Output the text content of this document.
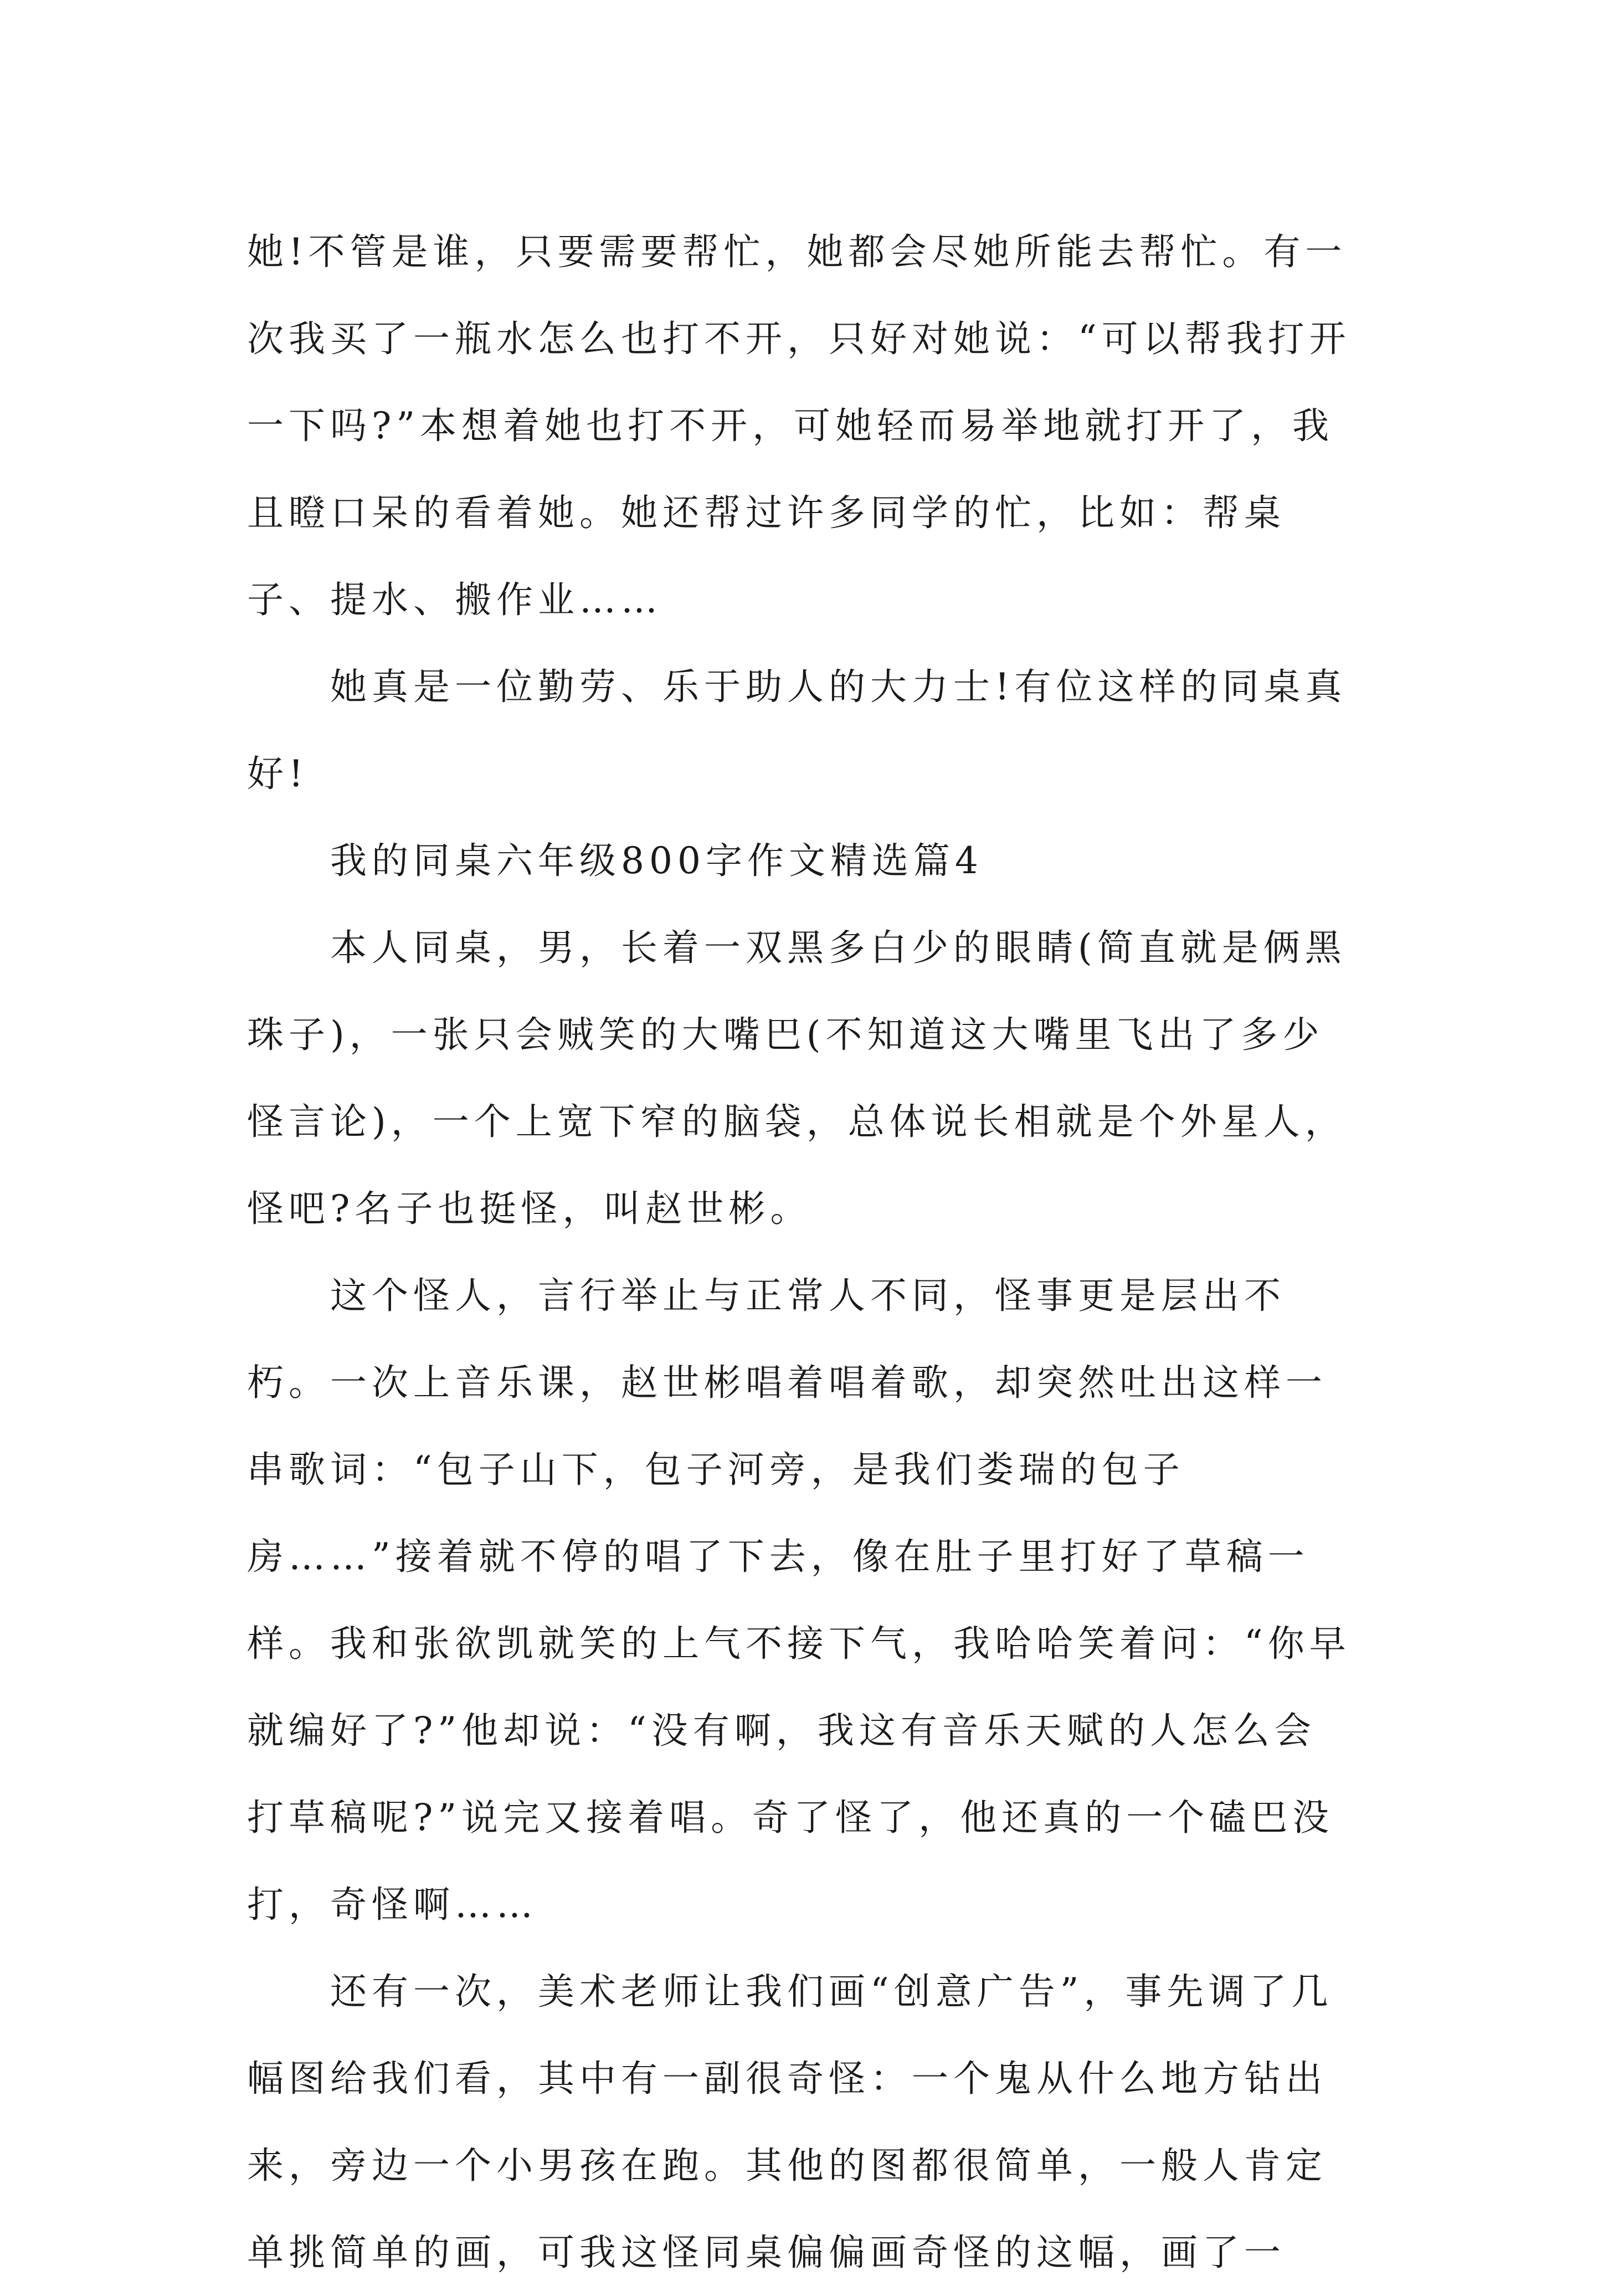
她!不管是谁，只要需要帮忙，她都会尽她所能去帮忙。有一次我买了一瓶水怎么也打不开，只好对她说：“可以帮我打开一下吗?”本想着她也打不开，可她轻而易举地就打开了，我且瞪口呆的看着她。她还帮过许多同学的忙，比如：帮桌子、提水、搬作业……

她真是一位勤劳、乐于助人的大力士!有位这样的同桌真好!

我的同桌六年级800字作文精选篇4

本人同桌，男，长着一双黑多白少的眼睛(简直就是俩黑珠子)，一张只会贼笑的大嘴巴(不知道这大嘴里飞出了多少怪言论)，一个上宽下窄的脑袋，总体说长相就是个外星人，怪吧?名子也挺怪，叫赵世彬。

这个怪人，言行举止与正常人不同，怪事更是层出不朽。一次上音乐课，赵世彬唱着唱着歌，却突然吐出这样一串歌词：“包子山下，包子河旁，是我们娄瑞的包子房……”接着就不停的唱了下去，像在肚子里打好了草稿一样。我和张欲凯就笑的上气不接下气，我哈哈笑着问：“你早就编好了?”他却说：“没有啊，我这有音乐天赋的人怎么会打草稿呢?”说完又接着唱。奇了怪了，他还真的一个磕巴没打，奇怪啊……

还有一次，美术老师让我们画“创意广告”，事先调了几幅图给我们看，其中有一副很奇怪：一个鬼从什么地方钻出来，旁边一个小男孩在跑。其他的图都很简单，一般人肯定单挑简单的画，可我这怪同桌偏偏画奇怪的这幅，画了一
